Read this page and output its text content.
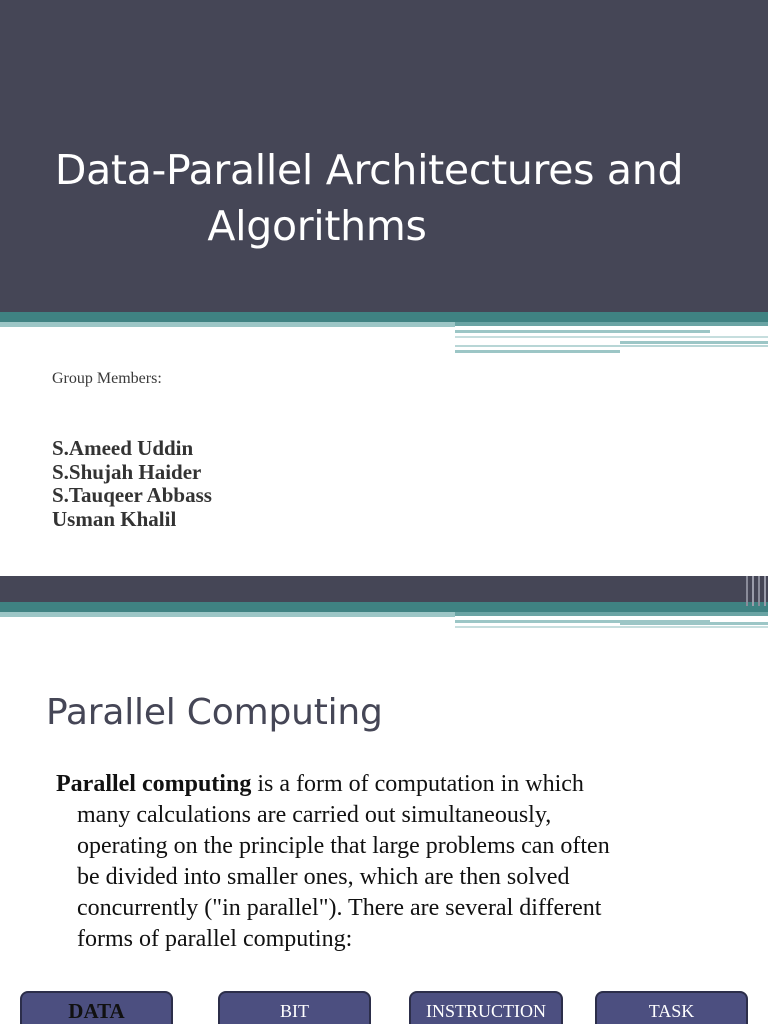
Data-Parallel Architectures and
Algorithms
Group Members:
S.Ameed Uddin
S.Shujah Haider
S.Tauqeer Abbass
Usman Khalil
Parallel Computing
Parallel computing is a form of computation in which
many calculations are carried out simultaneously,
operating on the principle that large problems can often
be divided into smaller ones, which are then solved
concurrently ("in parallel"). There are several different
forms of parallel computing:
DATA	BIT	INSTRUCTION	TASK
